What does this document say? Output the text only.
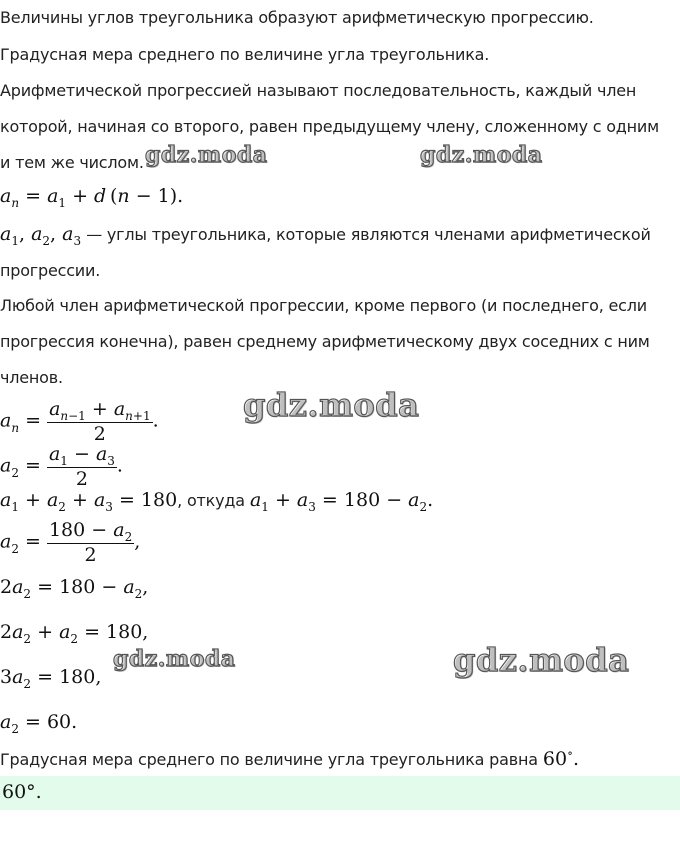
Величины углов треугольника образуют арифметическую прогрессию.
Градусная мера среднего по величине угла треугольника.
Арифметической прогрессией называют последовательность, каждый член
которой, начиная со второго, равен предыдущему члену, сложенному с одним
и тем же числом.
$a_n = a_1 + d$ (n − 1).
$a_1$, $a_2$, $a_3$ — углы треугольника, которые являются членами арифметической
прогрессии.
Любой член арифметической прогрессии, кроме первого (и последнего, если
прогрессия конечна), равен среднему арифметическому двух соседних с ним
членов.
$a_n = \frac{a_{n-1} + a_{n+1}}{2}$ .
$a_2 = \frac{a_1 - a_3}{2}$ .
$a_1 + a_2 + a_3 = 180$, откуда $a_1 + a_3 = 180 - a_2$.
$a_2 = \frac{180 - a_2}{2}$ ,
$2a_2 = 180 - a_2$,
$2a_2 + a_2 = 180$,
$3a_2 = 180$,
$a_2 = 60$.
Градусная мера среднего по величине угла треугольника равна 60∘.
60°.
gdz.moda	gdz.moda
gdz.moda
gdz.moda	gdz.moda
